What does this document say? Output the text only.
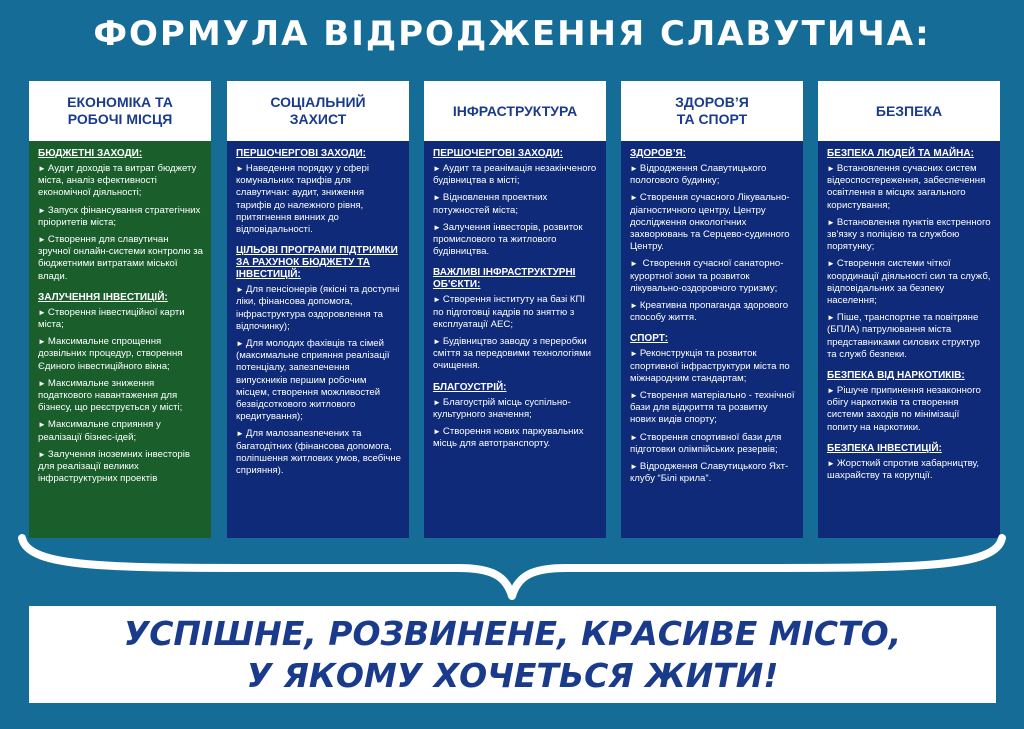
ФОРМУЛА ВІДРОДЖЕННЯ СЛАВУТИЧА:
ЕКОНОМІКА ТА
РОБОЧІ МІСЦЯ
БЮДЖЕТНІ ЗАХОДИ:
► Аудит доходів та витрат бюджету міста, аналіз ефективності економічної діяльності;
► Запуск фінансування стратегічних пріоритетів міста;
► Створення для славутичан зручної онлайн-системи контролю за бюджетними витратами міської влади.
ЗАЛУЧЕННЯ ІНВЕСТИЦІЙ:
► Створення інвестиційної карти міста;
► Максимальне спрощення дозвільних процедур, створення Єдиного інвестиційного вікна;
► Максимальне зниження податкового навантаження для бізнесу, що реєструється у місті;
► Максимальне сприяння у реалізації бізнес-ідей;
► Залучення іноземних інвесторів для реалізації великих інфраструктурних проектів
СОЦІАЛЬНИЙ
ЗАХИСТ
ПЕРШОЧЕРГОВІ ЗАХОДИ:
► Наведення порядку у сфері комунальних тарифів для славутичан: аудит, зниження тарифів до належного рівня, притягнення винних до відповідальності.
ЦІЛЬОВІ ПРОГРАМИ ПІДТРИМКИ ЗА РАХУНОК БЮДЖЕТУ ТА ІНВЕСТИЦІЙ:
► Для пенсіонерів (якісні та доступні ліки, фінансова допомога, інфраструктура оздоровлення та відпочинку);
► Для молодих фахівців та сімей (максимальне сприяння реалізації потенціалу, запезпечення випускників першим робочим місцем, створення можливостей безвідсоткового житлового кредитування);
► Для малозапезпечених та багатодітних (фінансова допомога, поліпшення житлових умов, всебічне сприяння).
ІНФРАСТРУКТУРА
ПЕРШОЧЕРГОВІ ЗАХОДИ:
► Аудит та реанімація незакінченого будівництва в місті;
► Відновлення проектних потужностей міста;
► Залучення інвесторів, розвиток промислового та житлового будівництва.
ВАЖЛИВІ ІНФРАСТРУКТУРНІ ОБ'ЄКТИ:
► Створення інституту на базі КПІ по підготовці кадрів по зняттю з експлуатації АЕС;
► Будівництво заводу з переробки сміття за передовими технологіями очищення.
БЛАГОУСТРІЙ:
► Благоустрій місць суспільно-культурного значення;
► Створення нових паркувальних місць для автотранспорту.
ЗДОРОВ’Я
ТА СПОРТ
ЗДОРОВ’Я:
► Відродження Славутицького пологового будинку;
► Створення сучасного Лікувально-діагностичного центру, Центру дослідження онкологічних захворювань та Серцево-судинного Центру.
► Створення сучасної санаторно-курортної зони та розвиток лікувально-оздоровчого туризму;
► Креативна пропаганда здорового способу життя.
СПОРТ:
► Реконструкція та розвиток спортивної інфраструктури міста по міжнародним стандартам;
► Створення матеріально - технічної бази для відкриття та розвитку нових видів спорту;
► Створення спортивної бази для підготовки олімпійських резервів;
► Відродження Славутицького Яхт-клубу “Білі крила”.
БЕЗПЕКА
БЕЗПЕКА ЛЮДЕЙ ТА МАЙНА:
► Встановлення сучасних систем відеоспостереження, забеспечення освітлення в місцях загального користування;
► Встановлення пунктів екстренного зв'язку з поліцією та службою порятунку;
► Створення системи чіткої координації діяльності сил та служб, відповідальних за безпеку населення;
► Піше, транспортне та повітряне (БПЛА) патрулювання міста представниками силових структур та служб безпеки.
БЕЗПЕКА ВІД НАРКОТИКІВ:
► Рішуче припинення незаконного обігу наркотиків та створення системи заходів по мінімізації попиту на наркотики.
БЕЗПЕКА ІНВЕСТИЦІЙ:
► Жорсткий спротив хабарництву, шахрайству та корупції.
УСПІШНЕ, РОЗВИНЕНЕ, КРАСИВЕ МІСТО,
У ЯКОМУ ХОЧЕТЬСЯ ЖИТИ!
